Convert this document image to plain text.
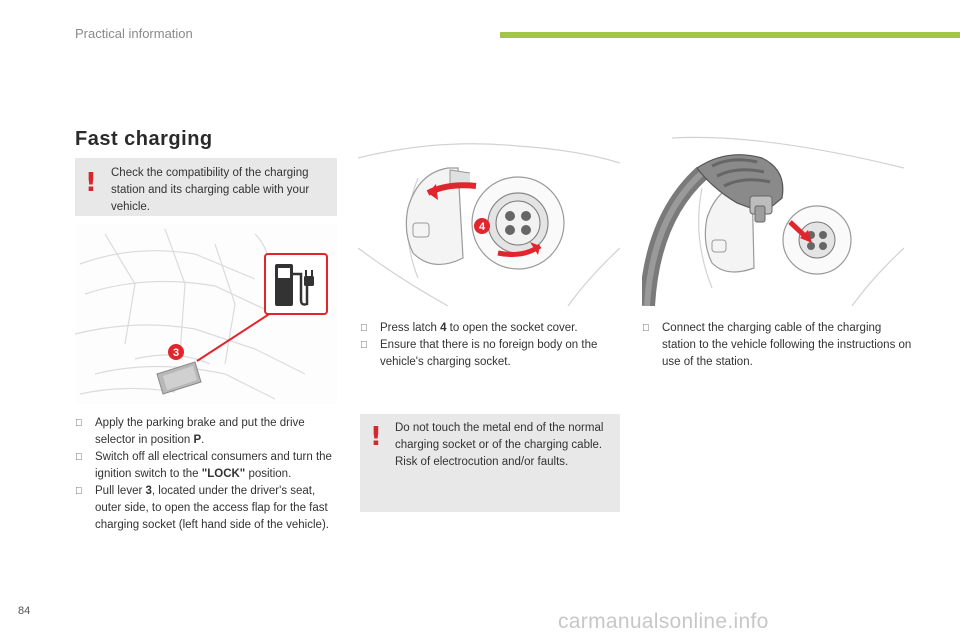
Practical information
Fast charging
! Check the compatibility of the charging station and its charging cable with your vehicle.
3
4
Press latch 4 to open the socket cover.
Ensure that there is no foreign body on the vehicle's charging socket.
Connect the charging cable of the charging station to the vehicle following the instructions on use of the station.
Apply the parking brake and put the drive selector in position P.
Switch off all electrical consumers and turn the ignition switch to the "LOCK" position.
Pull lever 3, located under the driver's seat, outer side, to open the access flap for the fast charging socket (left hand side of the vehicle).
! Do not touch the metal end of the normal charging socket or of the charging cable.
Risk of electrocution and/or faults.
84	carmanualsonline.info
